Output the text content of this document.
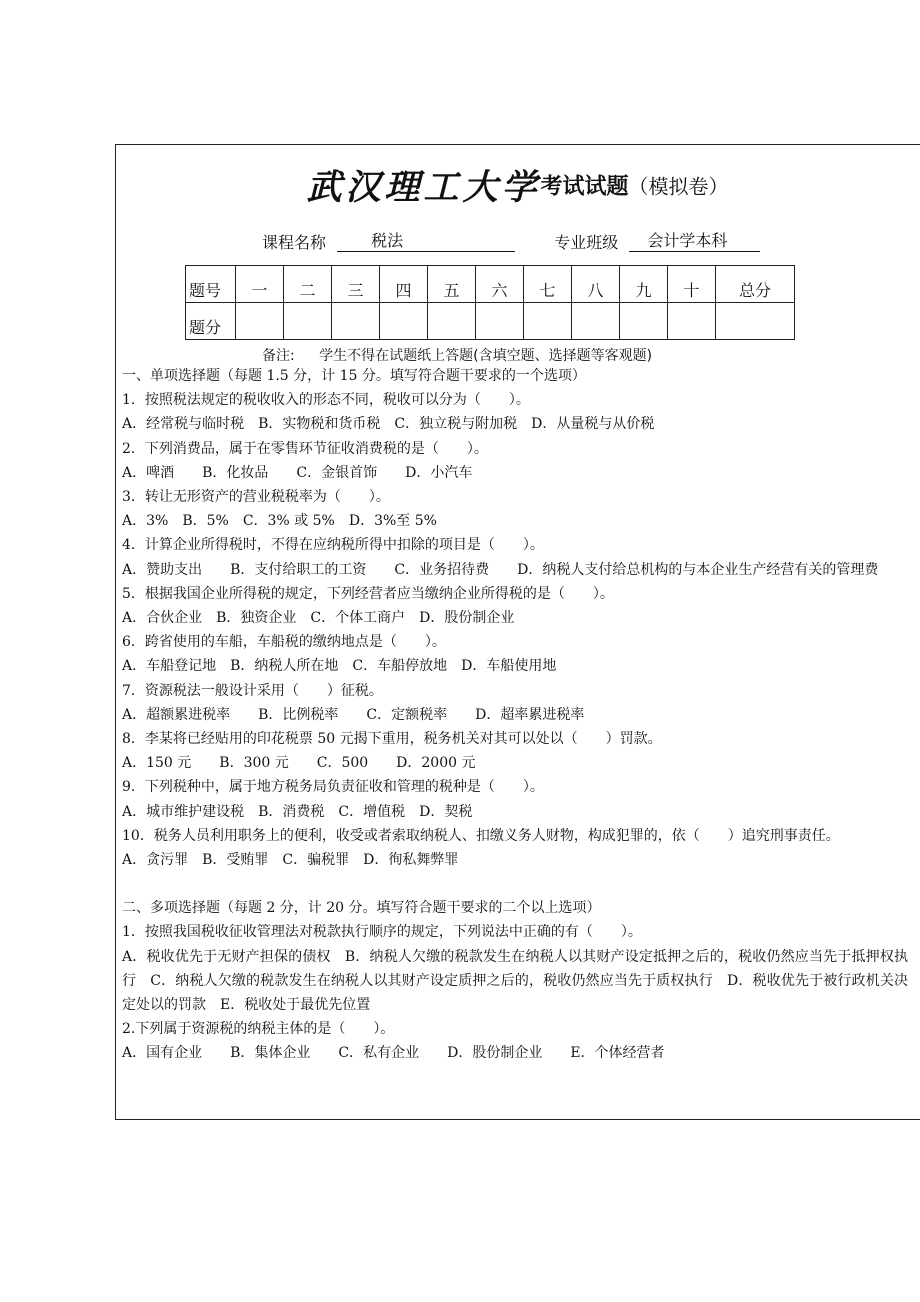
武汉理工大学考试试题（模拟卷）
课程名称	税法	专业班级 会计学本科
题号	一	二	三	四	五	六	七	八	九	十	总分
题分											
备注: 学生不得在试题纸上答题(含填空题、选择题等客观题)
一、单项选择题（每题 1.5 分，计 15 分。填写符合题干要求的一个选项）
1．按照税法规定的税收收入的形态不同，税收可以分为（　　）。
A．经常税与临时税　B．实物税和货币税　C．独立税与附加税　D．从量税与从价税
2．下列消费品，属于在零售环节征收消费税的是（　　）。
A．啤酒　　B．化妆品　　C．金银首饰　　D．小汽车
3．转让无形资产的营业税税率为（　　）。
A．3%　B．5%　C．3% 或 5%　D．3%至 5%
4．计算企业所得税时，不得在应纳税所得中扣除的项目是（　　）。
A．赞助支出　　B．支付给职工的工资　　C．业务招待费　　D．纳税人支付给总机构的与本企业生产经营有关的管理费
5．根据我国企业所得税的规定，下列经营者应当缴纳企业所得税的是（　　）。
A．合伙企业　B．独资企业　C．个体工商户　D．股份制企业
6．跨省使用的车船，车船税的缴纳地点是（　　）。
A．车船登记地　B．纳税人所在地　C．车船停放地　D．车船使用地
7．资源税法一般设计采用（　　）征税。
A．超额累进税率　　B．比例税率　　C．定额税率　　D．超率累进税率
8．李某将已经贴用的印花税票 50 元揭下重用，税务机关对其可以处以（　　）罚款。
A．150 元　　B．300 元　　C．500　　D．2000 元
9．下列税种中，属于地方税务局负责征收和管理的税种是（　　）。
A．城市维护建设税　B．消费税　C．增值税　D．契税
10．税务人员利用职务上的便利，收受或者索取纳税人、扣缴义务人财物，构成犯罪的，依（　　）追究刑事责任。
A．贪污罪　B．受贿罪　C．骗税罪　D．徇私舞弊罪
二、多项选择题（每题 2 分，计 20 分。填写符合题干要求的二个以上选项）
1．按照我国税收征收管理法对税款执行顺序的规定，下列说法中正确的有（　　）。
A．税收优先于无财产担保的债权　B．纳税人欠缴的税款发生在纳税人以其财产设定抵押之后的，税收仍然应当先于抵押权执行　C．纳税人欠缴的税款发生在纳税人以其财产设定质押之后的，税收仍然应当先于质权执行　D．税收优先于被行政机关决定处以的罚款　E．税收处于最优先位置
2.下列属于资源税的纳税主体的是（　　）。
A．国有企业　　B．集体企业　　C．私有企业　　D．股份制企业　　E．个体经营者
